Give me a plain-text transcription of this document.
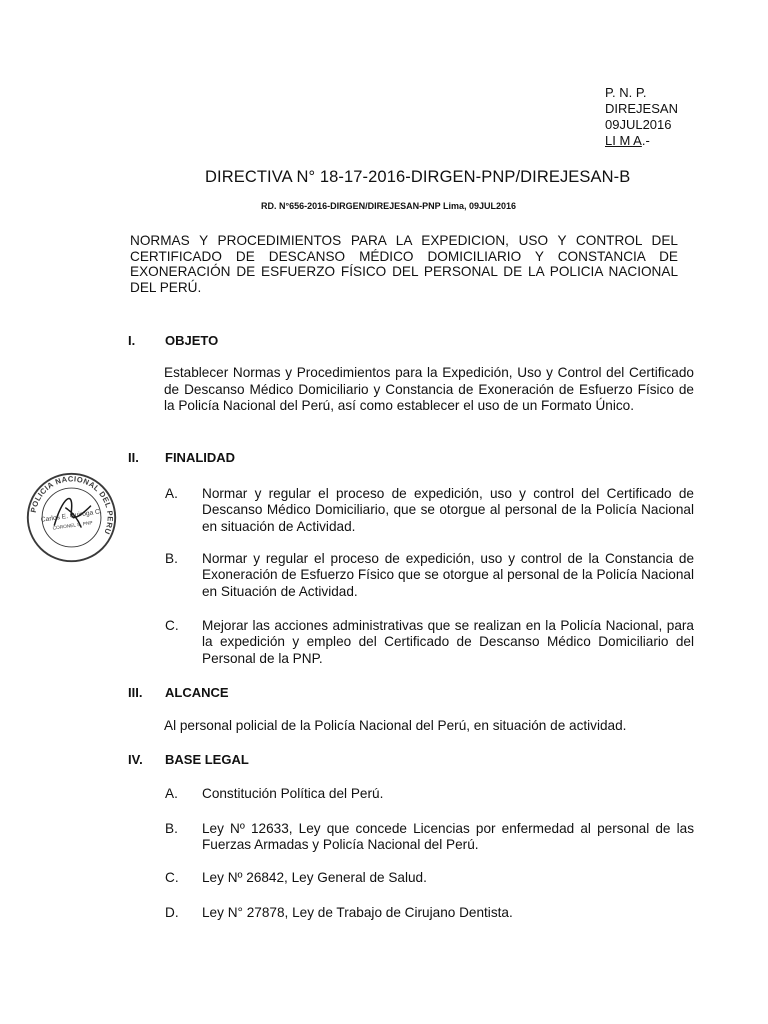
P. N. P.
DIREJESAN
09JUL2016
LI M A.-
DIRECTIVA N° 18-17-2016-DIRGEN-PNP/DIREJESAN-B
RD. N°656-2016-DIRGEN/DIREJESAN-PNP Lima, 09JUL2016
NORMAS Y PROCEDIMIENTOS PARA LA EXPEDICION, USO Y CONTROL DEL CERTIFICADO DE DESCANSO MÉDICO DOMICILIARIO Y CONSTANCIA DE EXONERACIÓN DE ESFUERZO FÍSICO DEL PERSONAL DE LA POLICIA NACIONAL DEL PERÚ.
I. OBJETO
Establecer Normas y Procedimientos para la Expedición, Uso y Control del Certificado de Descanso Médico Domiciliario y Constancia de Exoneración de Esfuerzo Físico de la Policía Nacional del Perú, así como establecer el uso de un Formato Único.
II. FINALIDAD
A. Normar y regular el proceso de expedición, uso y control del Certificado de Descanso Médico Domiciliario, que se otorgue al personal de la Policía Nacional en situación de Actividad.
B. Normar y regular el proceso de expedición, uso y control de la Constancia de Exoneración de Esfuerzo Físico que se otorgue al personal de la Policía Nacional en Situación de Actividad.
C. Mejorar las acciones administrativas que se realizan en la Policía Nacional, para la expedición y empleo del Certificado de Descanso Médico Domiciliario del Personal de la PNP.
III. ALCANCE
Al personal policial de la Policía Nacional del Perú, en situación de actividad.
IV. BASE LEGAL
A. Constitución Política del Perú.
B. Ley Nº 12633, Ley que concede Licencias por enfermedad al personal de las Fuerzas Armadas y Policía Nacional del Perú.
C. Ley Nº 26842, Ley General de Salud.
D. Ley N° 27878, Ley de Trabajo de Cirujano Dentista.
POLICIA NACIONAL DEL PERU
Carlos E. Quiroga C.
CORONEL S. PNP
